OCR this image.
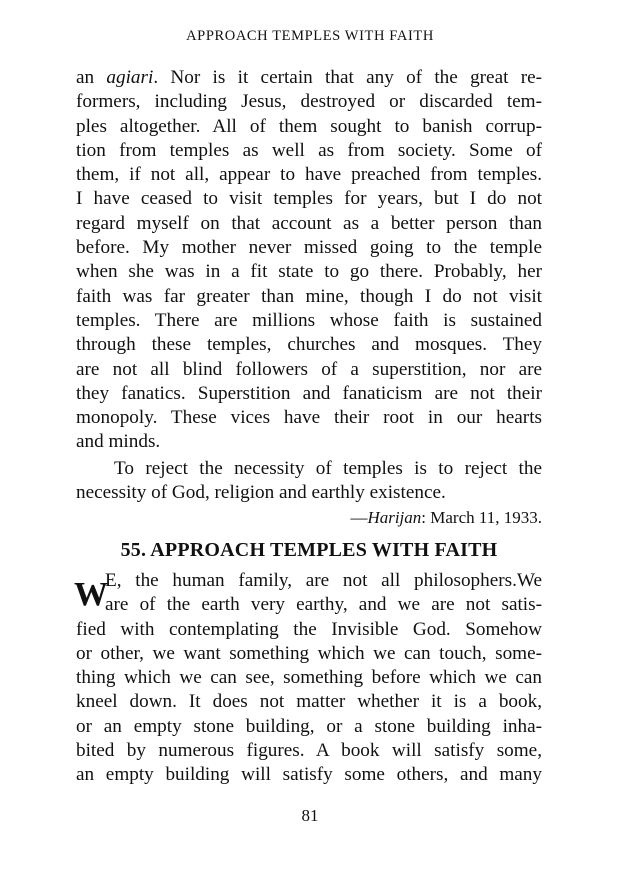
APPROACH TEMPLES WITH FAITH
an agiari. Nor is it certain that any of the great re-
formers, including Jesus, destroyed or discarded tem-
ples altogether. All of them sought to banish corrup-
tion from temples as well as from society. Some of
them, if not all, appear to have preached from temples.
I have ceased to visit temples for years, but I do not
regard myself on that account as a better person than
before. My mother never missed going to the temple
when she was in a fit state to go there. Probably, her
faith was far greater than mine, though I do not visit
temples. There are millions whose faith is sustained
through these temples, churches and mosques. They
are not all blind followers of a superstition, nor are
they fanatics. Superstition and fanaticism are not their
monopoly. These vices have their root in our hearts
and minds.
To reject the necessity of temples is to reject the
necessity of God, religion and earthly existence.
—Harijan: March 11, 1933.
55. APPROACH TEMPLES WITH FAITH
W
E, the human family, are not all philosophers.We
are of the earth very earthy, and we are not satis-
fied with contemplating the Invisible God. Somehow
or other, we want something which we can touch, some-
thing which we can see, something before which we can
kneel down. It does not matter whether it is a book,
or an empty stone building, or a stone building inha-
bited by numerous figures. A book will satisfy some,
an empty building will satisfy some others, and many
81
